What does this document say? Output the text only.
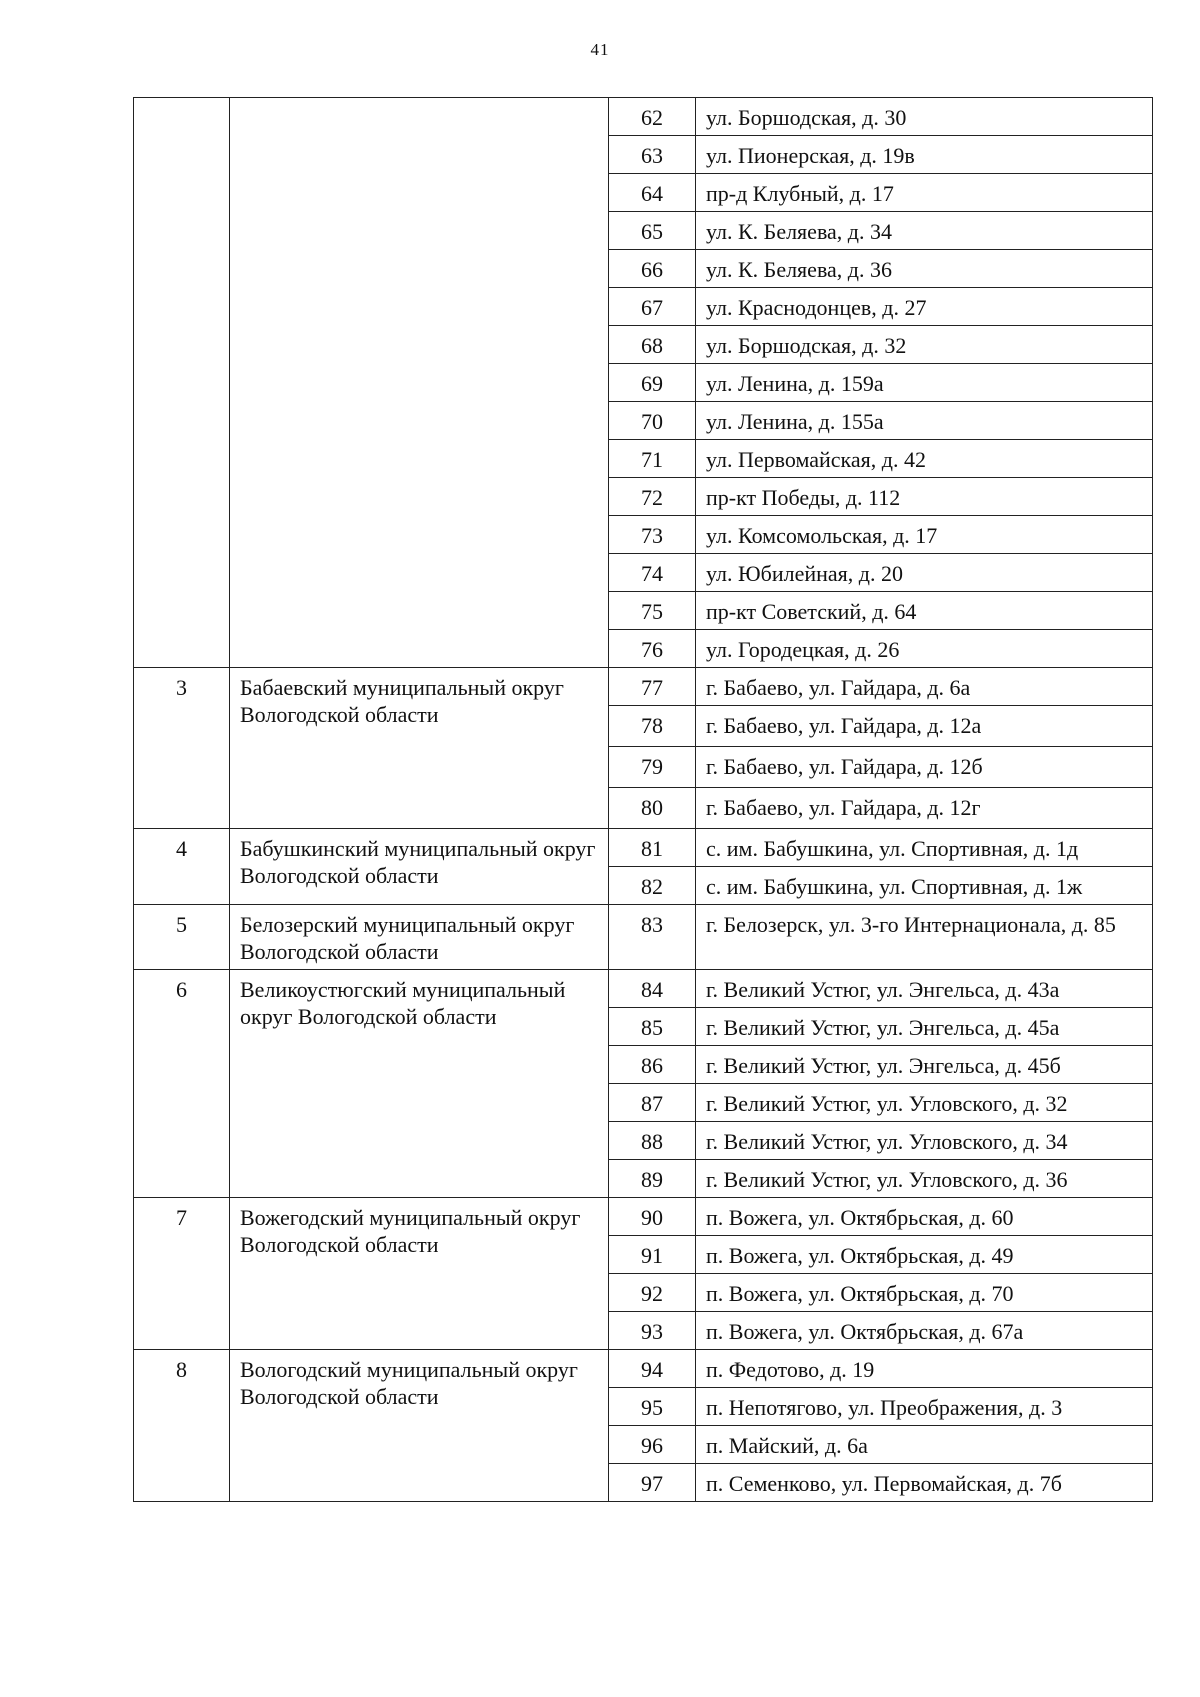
41
		62	ул. Боршодская, д. 30
		63	ул. Пионерская, д. 19в
		64	пр-д Клубный, д. 17
		65	ул. К. Беляева, д. 34
		66	ул. К. Беляева, д. 36
		67	ул. Краснодонцев, д. 27
		68	ул. Боршодская, д. 32
		69	ул. Ленина, д. 159а
		70	ул. Ленина, д. 155а
		71	ул. Первомайская, д. 42
		72	пр-кт Победы, д. 112
		73	ул. Комсомольская, д. 17
		74	ул. Юбилейная, д. 20
		75	пр-кт Советский, д. 64
		76	ул. Городецкая, д. 26
3	Бабаевский муниципальный округ Вологодской области	77	г. Бабаево, ул. Гайдара, д. 6а
		78	г. Бабаево, ул. Гайдара, д. 12а
		79	г. Бабаево, ул. Гайдара, д. 12б
		80	г. Бабаево, ул. Гайдара, д. 12г
4	Бабушкинский муниципальный округ Вологодской области	81	с. им. Бабушкина, ул. Спортивная, д. 1д
		82	с. им. Бабушкина, ул. Спортивная, д. 1ж
5	Белозерский муниципальный округ Вологодской области	83	г. Белозерск, ул. 3-го Интернационала, д. 85
6	Великоустюгский муниципальный округ Вологодской области	84	г. Великий Устюг, ул. Энгельса, д. 43а
		85	г. Великий Устюг, ул. Энгельса, д. 45а
		86	г. Великий Устюг, ул. Энгельса, д. 45б
		87	г. Великий Устюг, ул. Угловского, д. 32
		88	г. Великий Устюг, ул. Угловского, д. 34
		89	г. Великий Устюг, ул. Угловского, д. 36
7	Вожегодский муниципальный округ Вологодской области	90	п. Вожега, ул. Октябрьская, д. 60
		91	п. Вожега, ул. Октябрьская, д. 49
		92	п. Вожега, ул. Октябрьская, д. 70
		93	п. Вожега, ул. Октябрьская, д. 67а
8	Вологодский муниципальный округ Вологодской области	94	п. Федотово, д. 19
		95	п. Непотягово, ул. Преображения, д. 3
		96	п. Майский, д. 6а
		97	п. Семенково, ул. Первомайская, д. 7б
